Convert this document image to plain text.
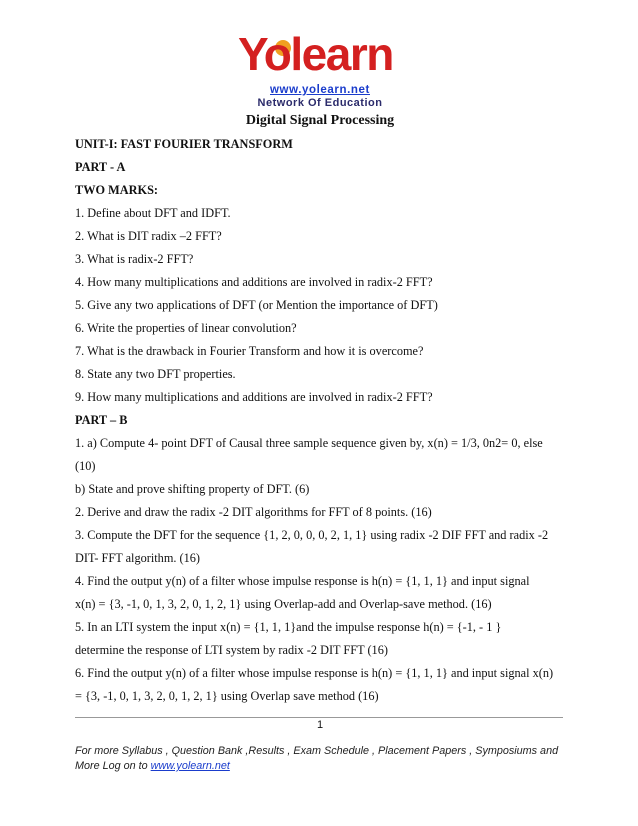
Yolearn
www.yolearn.net
Network Of Education
Digital Signal Processing
UNIT-I: FAST FOURIER TRANSFORM
PART - A
TWO MARKS:
1. Define about DFT and IDFT.
2. What is DIT radix –2 FFT?
3. What is radix-2 FFT?
4. How many multiplications and additions are involved in radix-2 FFT?
5. Give any two applications of DFT (or Mention the importance of DFT)
6. Write the properties of linear convolution?
7. What is the drawback in Fourier Transform and how it is overcome?
8. State any two DFT properties.
9. How many multiplications and additions are involved in radix-2 FFT?
PART – B
1. a) Compute 4- point DFT of Causal three sample sequence given by, x(n) = 1/3, 0n2= 0, else
(10)
b) State and prove shifting property of DFT. (6)
2. Derive and draw the radix -2 DIT algorithms for FFT of 8 points. (16)
3. Compute the DFT for the sequence {1, 2, 0, 0, 0, 2, 1, 1} using radix -2 DIF FFT and radix -2
DIT- FFT algorithm. (16)
4. Find the output y(n) of a filter whose impulse response is h(n) = {1, 1, 1} and input signal
x(n) = {3, -1, 0, 1, 3, 2, 0, 1, 2, 1} using Overlap-add and Overlap-save method. (16)
5. In an LTI system the input x(n) = {1, 1, 1}and the impulse response h(n) = {-1, - 1 }
determine the response of LTI system by radix -2 DIT FFT (16)
6. Find the output y(n) of a filter whose impulse response is h(n) = {1, 1, 1} and input signal x(n)
= {3, -1, 0, 1, 3, 2, 0, 1, 2, 1} using Overlap save method (16)
1
For more Syllabus , Question Bank ,Results , Exam Schedule , Placement Papers , Symposiums and
More Log on to www.yolearn.net
